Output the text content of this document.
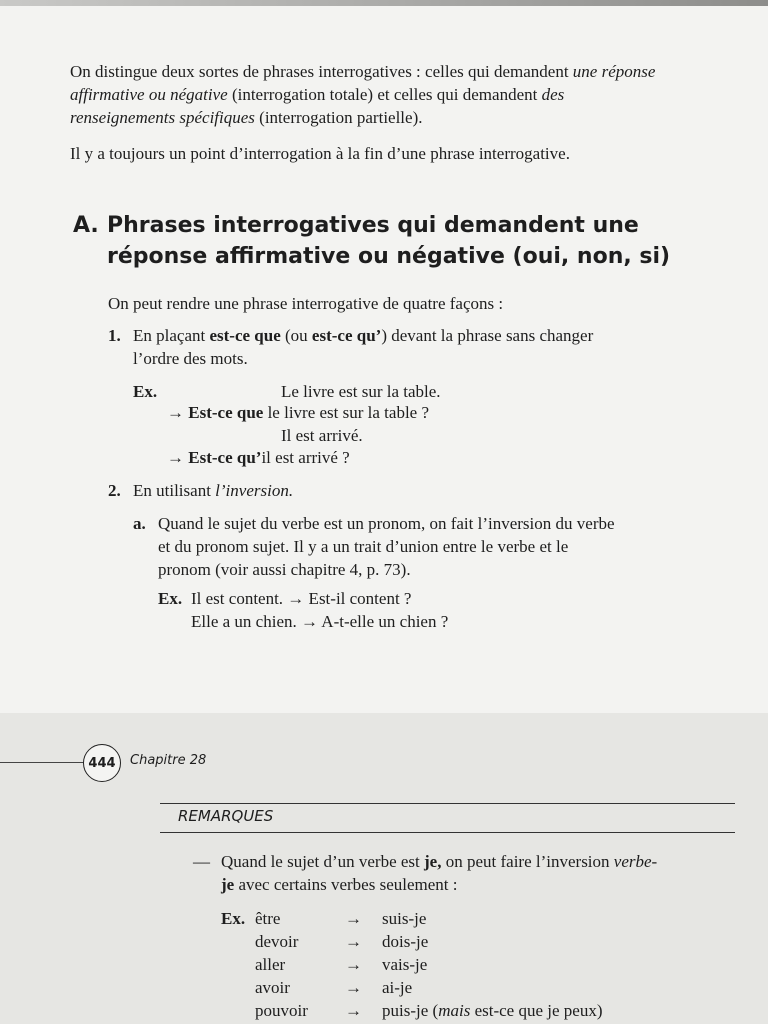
On distingue deux sortes de phrases interrogatives : celles qui demandent une réponse affirmative ou négative (interrogation totale) et celles qui demandent des renseignements spécifiques (interrogation partielle).

Il y a toujours un point d’interrogation à la fin d’une phrase interrogative.

A. Phrases interrogatives qui demandent une
réponse affirmative ou négative (oui, non, si)

On peut rendre une phrase interrogative de quatre façons :

1. En plaçant est-ce que (ou est-ce qu’) devant la phrase sans changer

l’ordre des mots.

Ex.	Le livre est sur la table.

→ Est-ce que le livre est sur la table ?

Il est arrivé.

→ Est-ce qu’il est arrivé ?

2. En utilisant l’inversion.

a. Quand le sujet du verbe est un pronom, on fait l’inversion du verbe

et du pronom sujet. Il y a un trait d’union entre le verbe et le

pronom (voir aussi chapitre 4, p. 73).

Ex. Il est content. → Est-il content ?

Elle a un chien. → A-t-elle un chien ?

444	Chapitre 28
REMARQUES

— Quand le sujet d’un verbe est je, on peut faire l’inversion verbe-

je avec certains verbes seulement :

Ex. être	→ suis-je
devoir	→ dois-je
aller	→ vais-je
avoir	→ ai-je
pouvoir → puis-je (mais est-ce que je peux)
